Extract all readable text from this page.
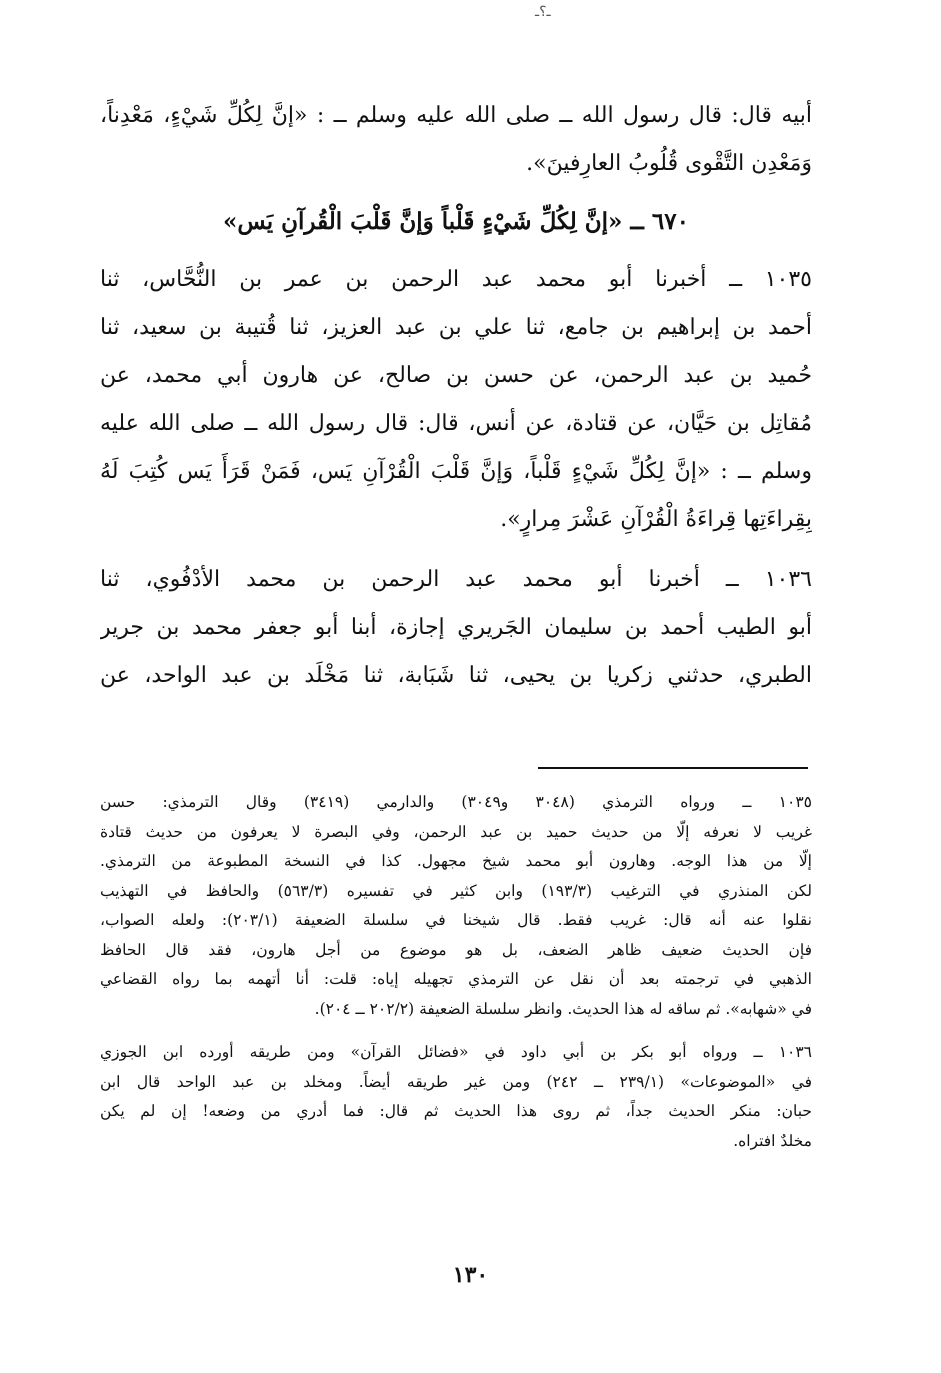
ـ؟ـ
أبيه قال: قال رسول الله ــ صلى الله عليه وسلم ــ : «إنَّ لِكُلِّ شَيْءٍ، مَعْدِناً،
وَمَعْدِن التَّقْوى قُلُوبُ العارِفينَ».
٦٧٠ ــ «إنَّ لِكُلِّ شَيْءٍ قَلْباً وَإنَّ قَلْبَ الْقُرآنِ يَس»
١٠٣٥ ــ أخبرنا أبو محمد عبد الرحمن بن عمر بن النُّحَّاس، ثنا
أحمد بن إبراهيم بن جامع، ثنا علي بن عبد العزيز، ثنا قُتيبة بن سعيد، ثنا
حُميد بن عبد الرحمن، عن حسن بن صالح، عن هارون أبي محمد، عن
مُقاتِل بن حَيَّان، عن قتادة، عن أنس، قال: قال رسول الله ــ صلى الله عليه
وسلم ــ : «إنَّ لِكُلِّ شَيْءٍ قَلْباً، وَإنَّ قَلْبَ الْقُرْآنِ يَس، فَمَنْ قَرَأَ يَس كُتِبَ لَهُ
بِقِراءَتِها قِراءَةُ الْقُرْآنِ عَشْرَ مِرارٍ».
١٠٣٦ ــ أخبرنا أبو محمد عبد الرحمن بن محمد الأدْفُوي، ثنا
أبو الطيب أحمد بن سليمان الجَريري إجازة، أبنا أبو جعفر محمد بن جرير
الطبري، حدثني زكريا بن يحيى، ثنا شَبَابة، ثنا مَخْلَد بن عبد الواحد، عن
١٠٣٥ ــ ورواه الترمذي (٣٠٤٨ و٣٠٤٩) والدارمي (٣٤١٩) وقال الترمذي: حسن
غريب لا نعرفه إلّا من حديث حميد بن عبد الرحمن، وفي البصرة لا يعرفون من حديث قتادة
إلّا من هذا الوجه. وهارون أبو محمد شيخ مجهول. كذا في النسخة المطبوعة من الترمذي.
لكن المنذري في الترغيب (١٩٣/٣) وابن كثير في تفسيره (٥٦٣/٣) والحافظ في التهذيب
نقلوا عنه أنه قال: غريب فقط. قال شيخنا في سلسلة الضعيفة (٢٠٣/١): ولعله الصواب،
فإن الحديث ضعيف ظاهر الضعف، بل هو موضوع من أجل هارون، فقد قال الحافظ
الذهبي في ترجمته بعد أن نقل عن الترمذي تجهيله إياه: قلت: أنا أتهمه بما رواه القضاعي
في «شهابه». ثم ساقه له هذا الحديث. وانظر سلسلة الضعيفة (٢٠٢/٢ ــ ٢٠٤).
١٠٣٦ ــ ورواه أبو بكر بن أبي داود في «فضائل القرآن» ومن طريقه أورده ابن الجوزي
في «الموضوعات» (٢٣٩/١ ــ ٢٤٢) ومن غير طريقه أيضاً. ومخلد بن عبد الواحد قال ابن
حبان: منكر الحديث جداً، ثم روى هذا الحديث ثم قال: فما أدري من وضعه! إن لم يكن
مخلدٌ افتراه.
١٣٠
